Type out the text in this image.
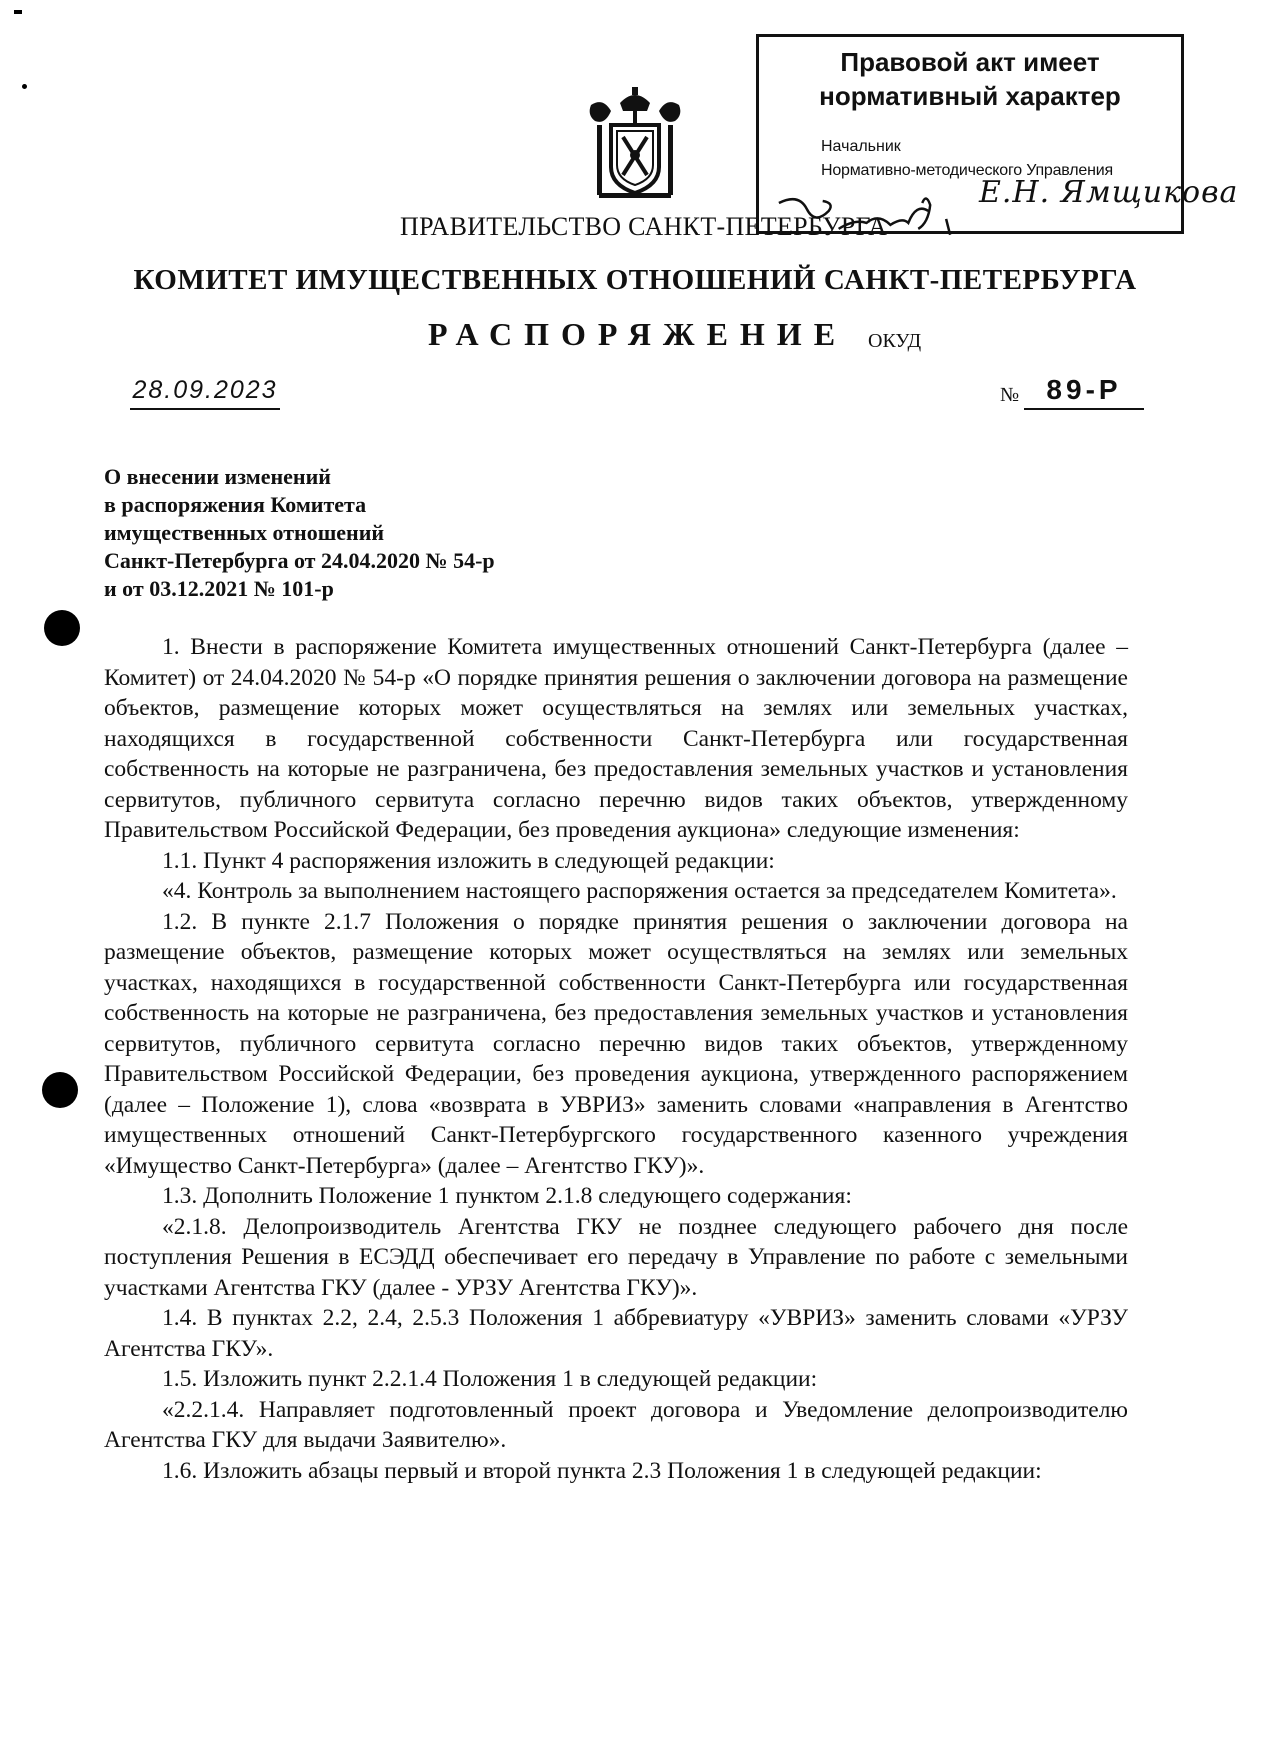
Правовой акт имеет
нормативный характер
Начальник
Нормативно-методического Управления
Е.Н. Ямщикова
ПРАВИТЕЛЬСТВО САНКТ-ПЕТЕРБУРГА
КОМИТЕТ ИМУЩЕСТВЕННЫХ ОТНОШЕНИЙ САНКТ-ПЕТЕРБУРГА
РАСПОРЯЖЕНИЕ ОКУД
28.09.2023	№ 89-Р
О внесении изменений
в распоряжения Комитета
имущественных отношений
Санкт-Петербурга от 24.04.2020 № 54-р
и от 03.12.2021 № 101-р

1. Внести в распоряжение Комитета имущественных отношений Санкт-Петербурга (далее – Комитет) от 24.04.2020 № 54-р «О порядке принятия решения о заключении договора на размещение объектов, размещение которых может осуществляться на землях или земельных участках, находящихся в государственной собственности Санкт-Петербурга или государственная собственность на которые не разграничена, без предоставления земельных участков и установления сервитутов, публичного сервитута согласно перечню видов таких объектов, утвержденному Правительством Российской Федерации, без проведения аукциона» следующие изменения:

1.1. Пункт 4 распоряжения изложить в следующей редакции:

«4. Контроль за выполнением настоящего распоряжения остается за председателем Комитета».

1.2. В пункте 2.1.7 Положения о порядке принятия решения о заключении договора на размещение объектов, размещение которых может осуществляться на землях или земельных участках, находящихся в государственной собственности Санкт-Петербурга или государственная собственность на которые не разграничена, без предоставления земельных участков и установления сервитутов, публичного сервитута согласно перечню видов таких объектов, утвержденному Правительством Российской Федерации, без проведения аукциона, утвержденного распоряжением (далее – Положение 1), слова «возврата в УВРИЗ» заменить словами «направления в Агентство имущественных отношений Санкт-Петербургского государственного казенного учреждения «Имущество Санкт-Петербурга» (далее – Агентство ГКУ)».

1.3. Дополнить Положение 1 пунктом 2.1.8 следующего содержания:

«2.1.8. Делопроизводитель Агентства ГКУ не позднее следующего рабочего дня после поступления Решения в ЕСЭДД обеспечивает его передачу в Управление по работе с земельными участками Агентства ГКУ (далее - УРЗУ Агентства ГКУ)».

1.4. В пунктах 2.2, 2.4, 2.5.3 Положения 1 аббревиатуру «УВРИЗ» заменить словами «УРЗУ Агентства ГКУ».

1.5. Изложить пункт 2.2.1.4 Положения 1 в следующей редакции:

«2.2.1.4. Направляет подготовленный проект договора и Уведомление делопроизводителю Агентства ГКУ для выдачи Заявителю».

1.6. Изложить абзацы первый и второй пункта 2.3 Положения 1 в следующей редакции:
